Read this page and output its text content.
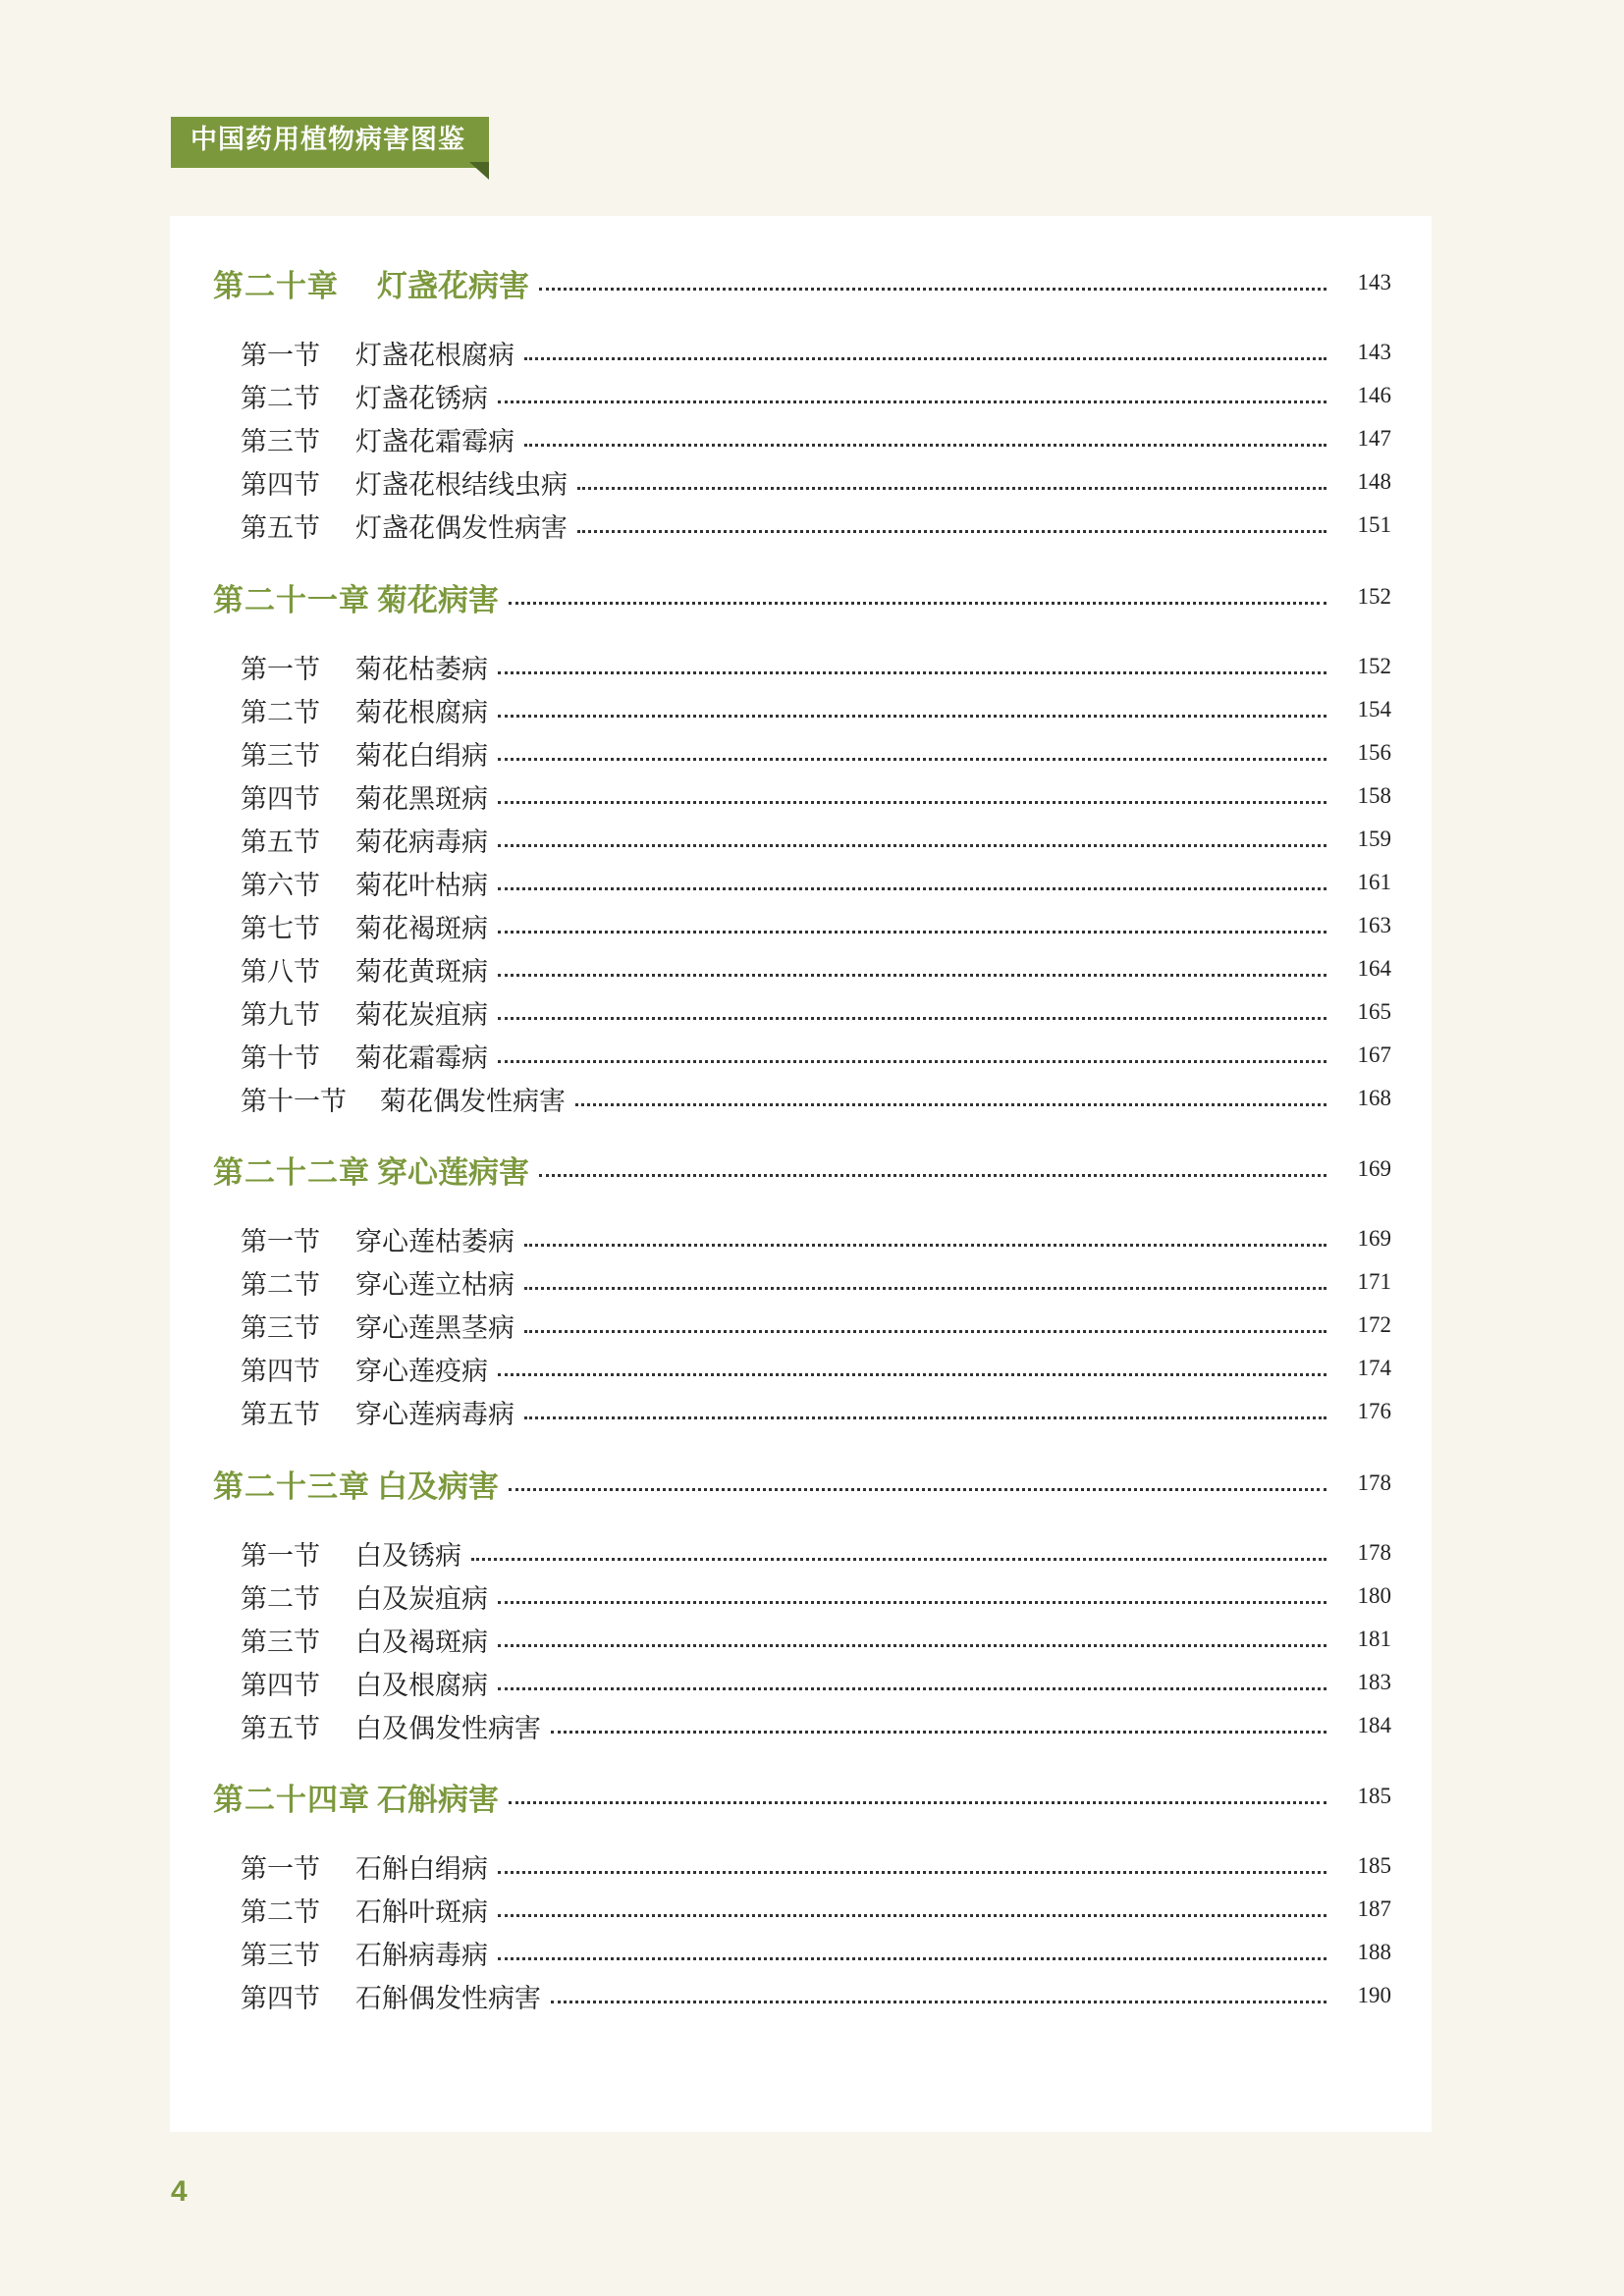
中国药用植物病害图鉴
第二十章	灯盏花病害	143
第一节	灯盏花根腐病	143
第二节	灯盏花锈病	146
第三节	灯盏花霜霉病	147
第四节	灯盏花根结线虫病	148
第五节	灯盏花偶发性病害	151
第二十一章 菊花病害	152
第一节	菊花枯萎病	152
第二节	菊花根腐病	154
第三节	菊花白绢病	156
第四节	菊花黑斑病	158
第五节	菊花病毒病	159
第六节	菊花叶枯病	161
第七节	菊花褐斑病	163
第八节	菊花黄斑病	164
第九节	菊花炭疽病	165
第十节	菊花霜霉病	167
第十一节	菊花偶发性病害	168
第二十二章 穿心莲病害	169
第一节	穿心莲枯萎病	169
第二节	穿心莲立枯病	171
第三节	穿心莲黑茎病	172
第四节	穿心莲疫病	174
第五节	穿心莲病毒病	176
第二十三章 白及病害	178
第一节	白及锈病	178
第二节	白及炭疽病	180
第三节	白及褐斑病	181
第四节	白及根腐病	183
第五节	白及偶发性病害	184
第二十四章 石斛病害	185
第一节	石斛白绢病	185
第二节	石斛叶斑病	187
第三节	石斛病毒病	188
第四节	石斛偶发性病害	190
4
